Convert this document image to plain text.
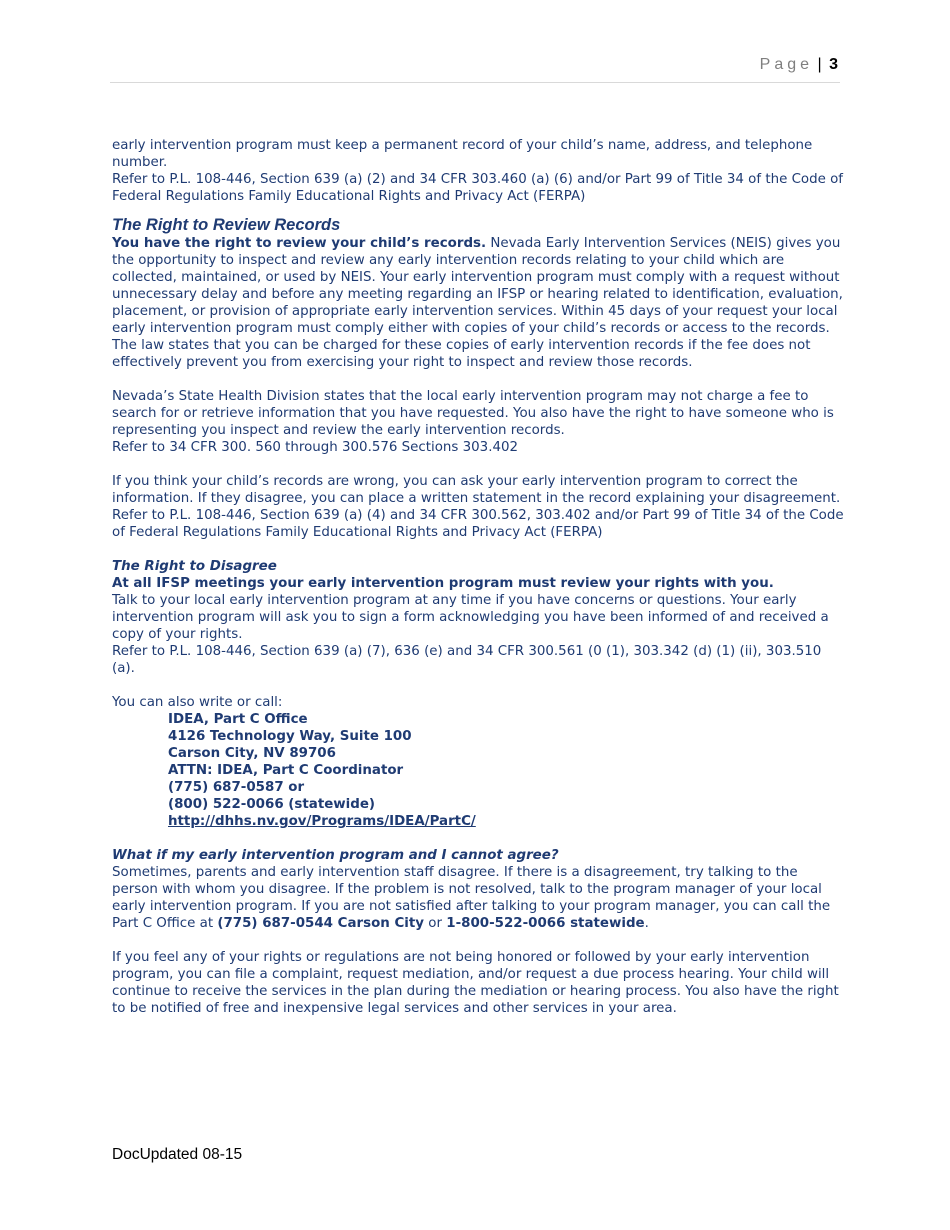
Page | 3

early intervention program must keep a permanent record of your child’s name, address, and telephone number.

Refer to P.L. 108-446, Section 639 (a) (2) and 34 CFR 303.460 (a) (6) and/or Part 99 of Title 34 of the Code of Federal Regulations Family Educational Rights and Privacy Act (FERPA)

The Right to Review Records

You have the right to review your child’s records. Nevada Early Intervention Services (NEIS) gives you the opportunity to inspect and review any early intervention records relating to your child which are collected, maintained, or used by NEIS. Your early intervention program must comply with a request without unnecessary delay and before any meeting regarding an IFSP or hearing related to identification, evaluation, placement, or provision of appropriate early intervention services. Within 45 days of your request your local early intervention program must comply either with copies of your child’s records or access to the records. The law states that you can be charged for these copies of early intervention records if the fee does not effectively prevent you from exercising your right to inspect and review those records.

Nevada’s State Health Division states that the local early intervention program may not charge a fee to search for or retrieve information that you have requested. You also have the right to have someone who is representing you inspect and review the early intervention records.

Refer to 34 CFR 300. 560 through 300.576 Sections 303.402

If you think your child’s records are wrong, you can ask your early intervention program to correct the information. If they disagree, you can place a written statement in the record explaining your disagreement.

Refer to P.L. 108-446, Section 639 (a) (4) and 34 CFR 300.562, 303.402 and/or Part 99 of Title 34 of the Code of Federal Regulations Family Educational Rights and Privacy Act (FERPA)

The Right to Disagree

At all IFSP meetings your early intervention program must review your rights with you.

Talk to your local early intervention program at any time if you have concerns or questions. Your early intervention program will ask you to sign a form acknowledging you have been informed of and received a copy of your rights.

Refer to P.L. 108-446, Section 639 (a) (7), 636 (e) and 34 CFR 300.561 (0 (1), 303.342 (d) (1) (ii), 303.510 (a).

You can also write or call:

IDEA, Part C Office

4126 Technology Way, Suite 100

Carson City, NV 89706

ATTN: IDEA, Part C Coordinator

(775) 687-0587 or

(800) 522-0066 (statewide)

http://dhhs.nv.gov/Programs/IDEA/PartC/

What if my early intervention program and I cannot agree?

Sometimes, parents and early intervention staff disagree. If there is a disagreement, try talking to the person with whom you disagree. If the problem is not resolved, talk to the program manager of your local early intervention program. If you are not satisfied after talking to your program manager, you can call the Part C Office at (775) 687-0544 Carson City or 1-800-522-0066 statewide.

If you feel any of your rights or regulations are not being honored or followed by your early intervention program, you can file a complaint, request mediation, and/or request a due process hearing. Your child will continue to receive the services in the plan during the mediation or hearing process. You also have the right to be notified of free and inexpensive legal services and other services in your area.

DocUpdated 08-15
